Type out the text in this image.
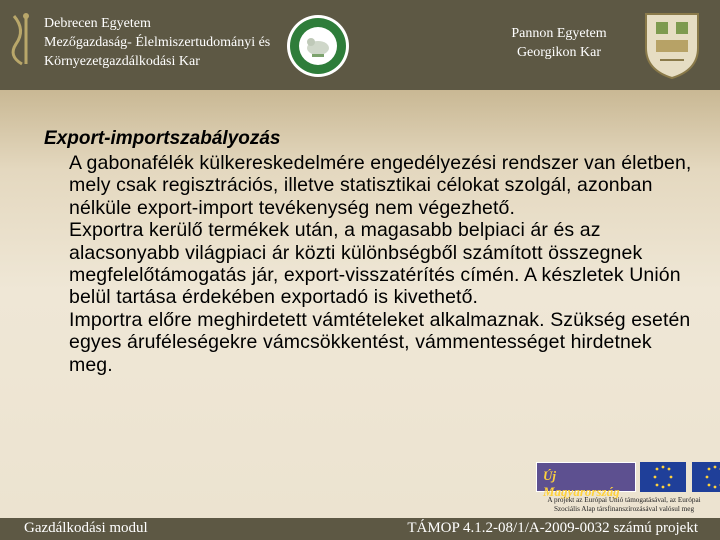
Debrecen Egyetem
Mezőgazdaság- Élelmiszertudományi és
Környezetgazdálkodási Kar
Pannon Egyetem
Georgikon Kar
Export-importszabályozás

A gabonafélék külkereskedelmére engedélyezési rendszer van életben, mely csak regisztrációs, illetve statisztikai célokat szolgál, azonban nélküle export-import tevékenység nem végezhető.

Exportra kerülő termékek után, a magasabb belpiaci ár és az alacsonyabb világpiaci ár közti különbségből számított összegnek megfelelőtámogatás jár, export-visszatérítés címén. A készletek Unión belül tartása érdekében exportadó is kivethető.

Importra előre meghirdetett vámtételeket alkalmaznak. Szükség esetén egyes áruféleségekre vámcsökkentést, vámmentességet hirdetnek meg.

Új Magyarország
A projekt az Európai Unió támogatásával, az Európai Szociális Alap társfinanszírozásával valósul meg
Gazdálkodási modul	TÁMOP 4.1.2-08/1/A-2009-0032 számú projekt
